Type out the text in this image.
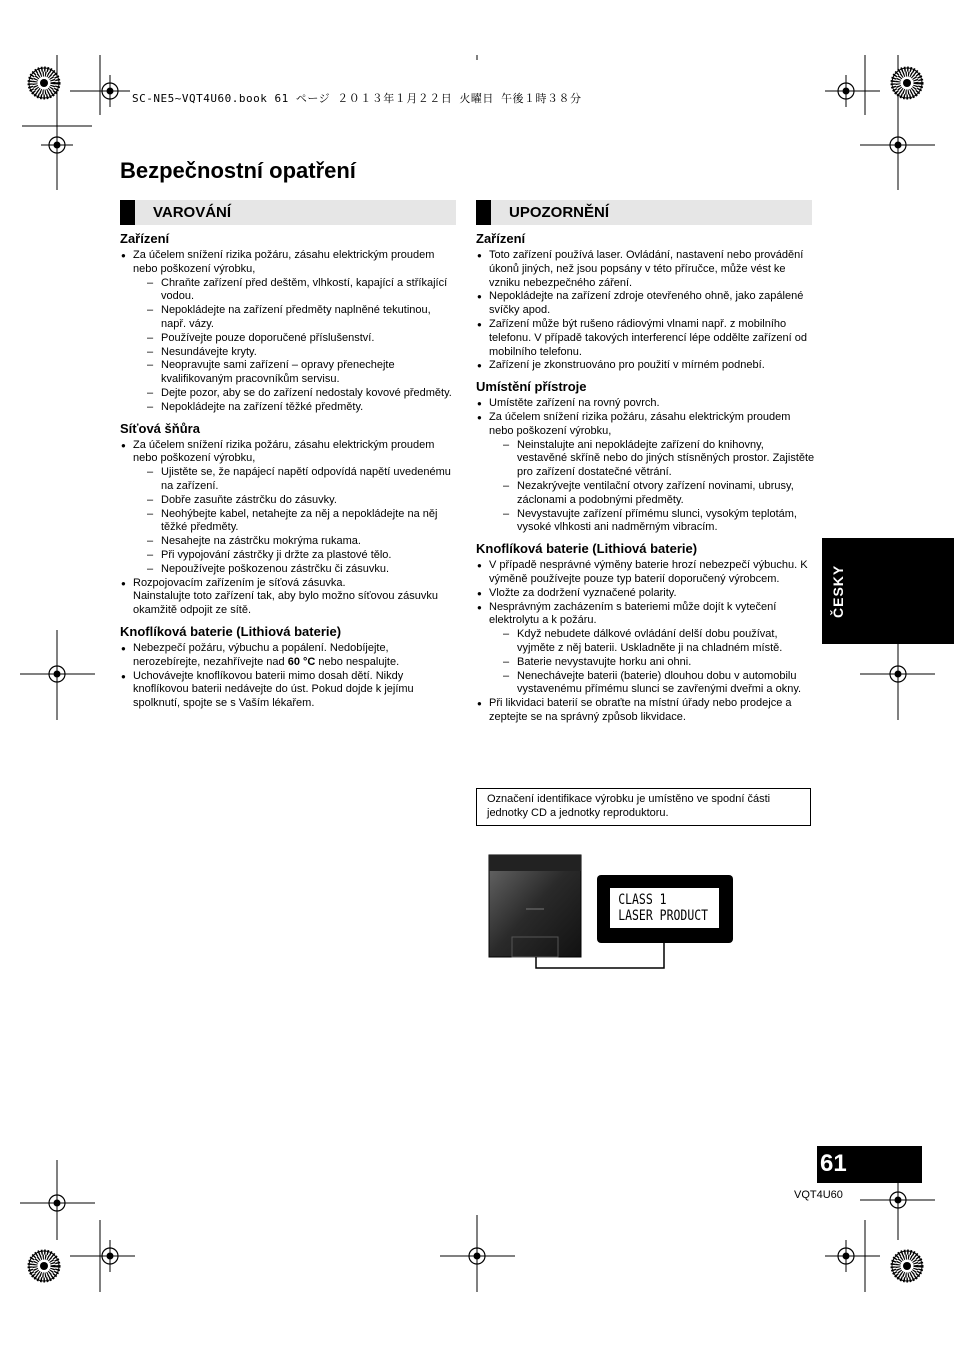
SC-NE5~VQT4U60.book 61 ページ ２０１３年１月２２日 火曜日 午後１時３８分
Bezpečnostní opatření
VAROVÁNÍ
Zařízení
● Za účelem snížení rizika požáru, zásahu elektrickým proudem nebo poškození výrobku,
– Chraňte zařízení před deštěm, vlhkostí, kapající a stříkající vodou.
– Nepokládejte na zařízení předměty naplněné tekutinou, např. vázy.
– Používejte pouze doporučené příslušenství.
– Nesundávejte kryty.
– Neopravujte sami zařízení – opravy přenechejte kvalifikovaným pracovníkům servisu.
– Dejte pozor, aby se do zařízení nedostaly kovové předměty.
– Nepokládejte na zařízení těžké předměty.
Síťová šňůra
● Za účelem snížení rizika požáru, zásahu elektrickým proudem nebo poškození výrobku,
– Ujistěte se, že napájecí napětí odpovídá napětí uvedenému na zařízení.
– Dobře zasuňte zástrčku do zásuvky.
– Neohýbejte kabel, netahejte za něj a nepokládejte na něj těžké předměty.
– Nesahejte na zástrčku mokrýma rukama.
– Při vypojování zástrčky ji držte za plastové tělo.
– Nepoužívejte poškozenou zástrčku či zásuvku.
● Rozpojovacím zařízením je síťová zásuvka.

Nainstalujte toto zařízení tak, aby bylo možno síťovou zásuvku okamžitě odpojit ze sítě.

Knoflíková baterie (Lithiová baterie)
● Nebezpečí požáru, výbuchu a popálení. Nedobíjejte, nerozebírejte, nezahřívejte nad 60 °C nebo nespalujte.
● Uchovávejte knoflíkovou baterii mimo dosah dětí. Nikdy knoflíkovou baterii nedávejte do úst. Pokud dojde k jejímu spolknutí, spojte se s Vaším lékařem.
UPOZORNĚNÍ
Zařízení
● Toto zařízení používá laser. Ovládání, nastavení nebo provádění úkonů jiných, než jsou popsány v této příručce, může vést ke vzniku nebezpečného záření.
● Nepokládejte na zařízení zdroje otevřeného ohně, jako zapálené svíčky apod.
● Zařízení může být rušeno rádiovými vlnami např. z mobilního telefonu. V případě takových interferencí lépe oddělte zařízení od mobilního telefonu.
● Zařízení je zkonstruováno pro použití v mírném podnebí.
Umístění přístroje
● Umístěte zařízení na rovný povrch.
● Za účelem snížení rizika požáru, zásahu elektrickým proudem nebo poškození výrobku,
– Neinstalujte ani nepokládejte zařízení do knihovny, vestavěné skříně nebo do jiných stísněných prostor. Zajistěte pro zařízení dostatečné větrání.
– Nezakrývejte ventilační otvory zařízení novinami, ubrusy, záclonami a podobnými předměty.
– Nevystavujte zařízení přímému slunci, vysokým teplotám, vysoké vlhkosti ani nadměrným vibracím.
Knoflíková baterie (Lithiová baterie)
● V případě nesprávné výměny baterie hrozí nebezpečí výbuchu. K výměně používejte pouze typ baterií doporučený výrobcem.
● Vložte za dodržení vyznačené polarity.
● Nesprávným zacházením s bateriemi může dojít k vytečení elektrolytu a k požáru.
– Když nebudete dálkové ovládání delší dobu používat, vyjměte z něj baterii. Uskladněte ji na chladném místě.
– Baterie nevystavujte horku ani ohni.
– Nenechávejte baterii (baterie) dlouhou dobu v automobilu vystavenému přímému slunci se zavřenými dveřmi a okny.
● Při likvidaci baterií se obraťte na místní úřady nebo prodejce a zeptejte se na správný způsob likvidace.
Označení identifikace výrobku je umístěno ve spodní části jednotky CD a jednotky reproduktoru.
CLASS 1
LASER PRODUCT
ČESKY
61
VQT4U60
